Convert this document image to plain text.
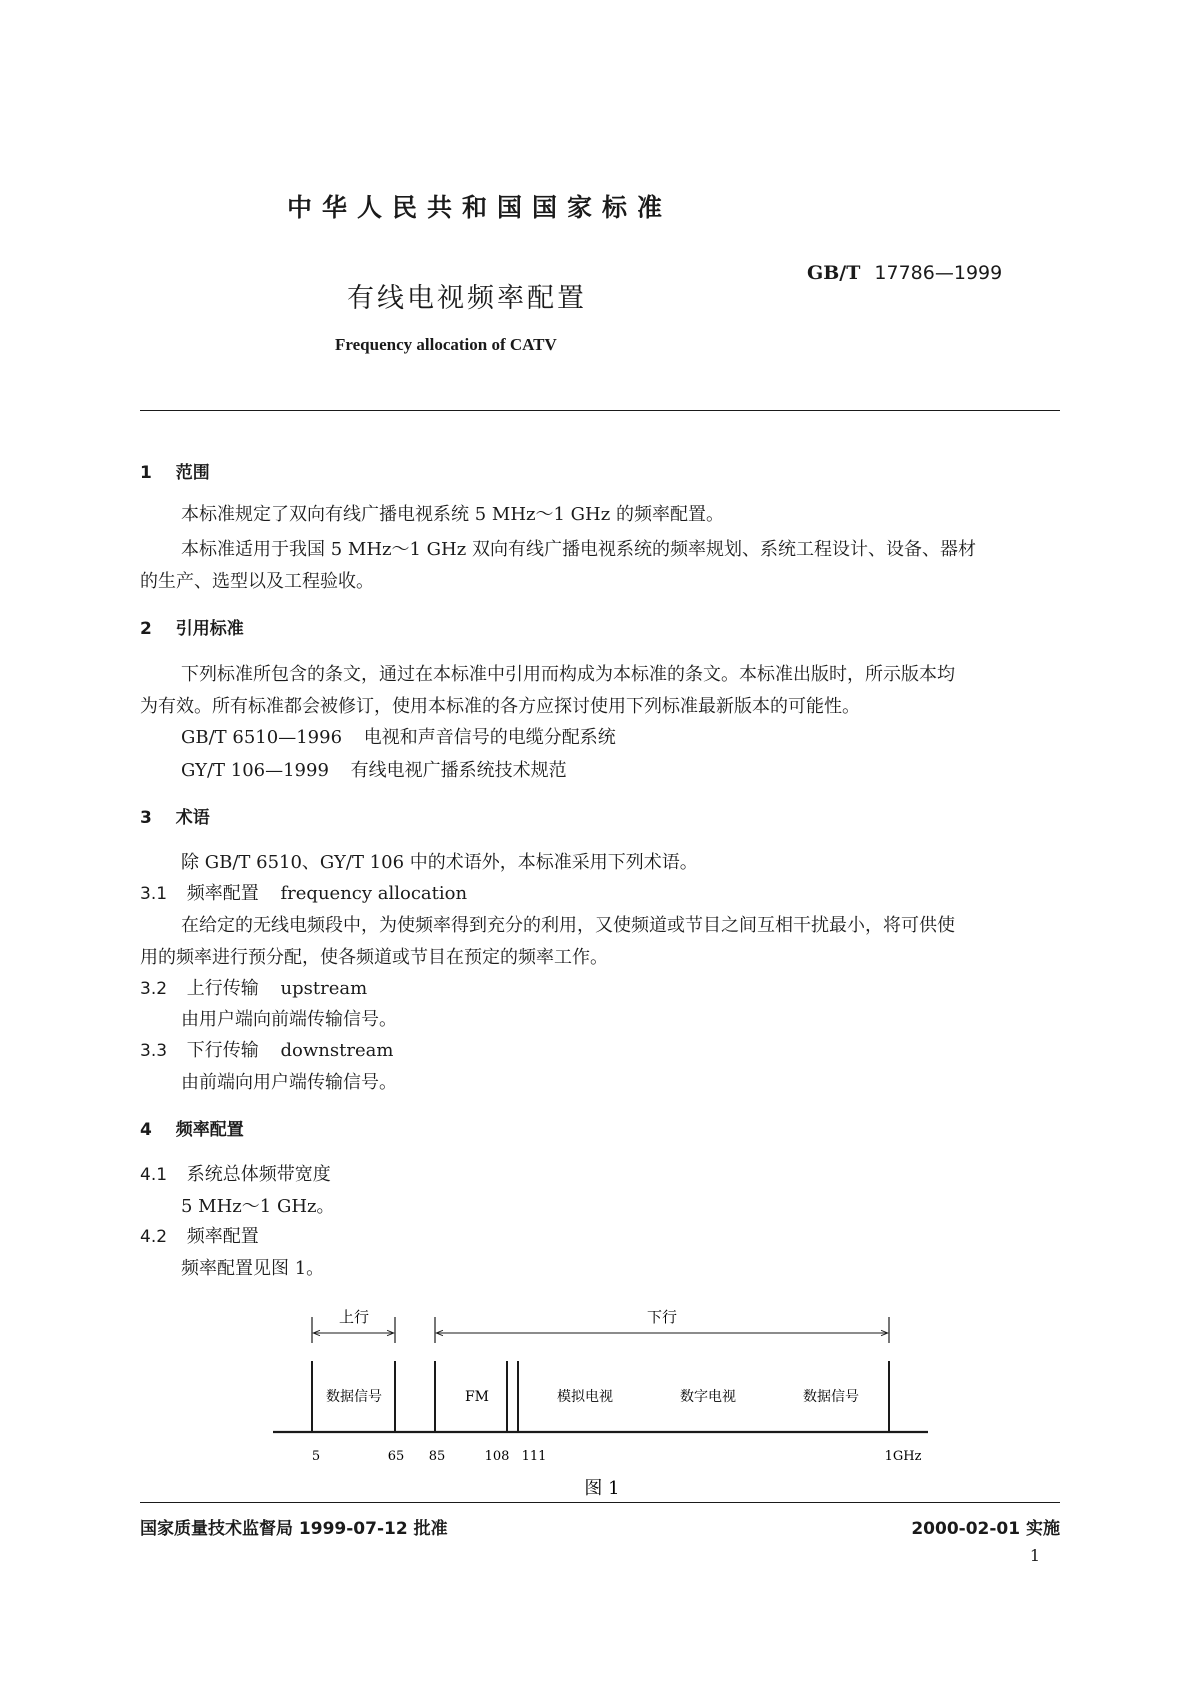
中华人民共和国国家标准
有线电视频率配置
GB/T 17786—1999
Frequency allocation of CATV
1 范围
本标准规定了双向有线广播电视系统 5 MHz～1 GHz 的频率配置。
本标准适用于我国 5 MHz～1 GHz 双向有线广播电视系统的频率规划、系统工程设计、设备、器材
的生产、选型以及工程验收。
2 引用标准
下列标准所包含的条文，通过在本标准中引用而构成为本标准的条文。本标准出版时，所示版本均
为有效。所有标准都会被修订，使用本标准的各方应探讨使用下列标准最新版本的可能性。
GB/T 6510—1996 电视和声音信号的电缆分配系统
GY/T 106—1999 有线电视广播系统技术规范
3 术语
除 GB/T 6510、GY/T 106 中的术语外，本标准采用下列术语。
3.1 频率配置 frequency allocation
在给定的无线电频段中，为使频率得到充分的利用，又使频道或节目之间互相干扰最小，将可供使
用的频率进行预分配，使各频道或节目在预定的频率工作。
3.2 上行传输 upstream
由用户端向前端传输信号。
3.3 下行传输 downstream
由前端向用户端传输信号。
4 频率配置
4.1 系统总体频带宽度
5 MHz～1 GHz。
4.2 频率配置
频率配置见图 1。
上行	下行
数据信号	FM	模拟电视	数字电视	数据信号
5	65 85	108 111	1GHz
图 1
国家质量技术监督局 1999-07-12 批准	2000-02-01 实施
1
